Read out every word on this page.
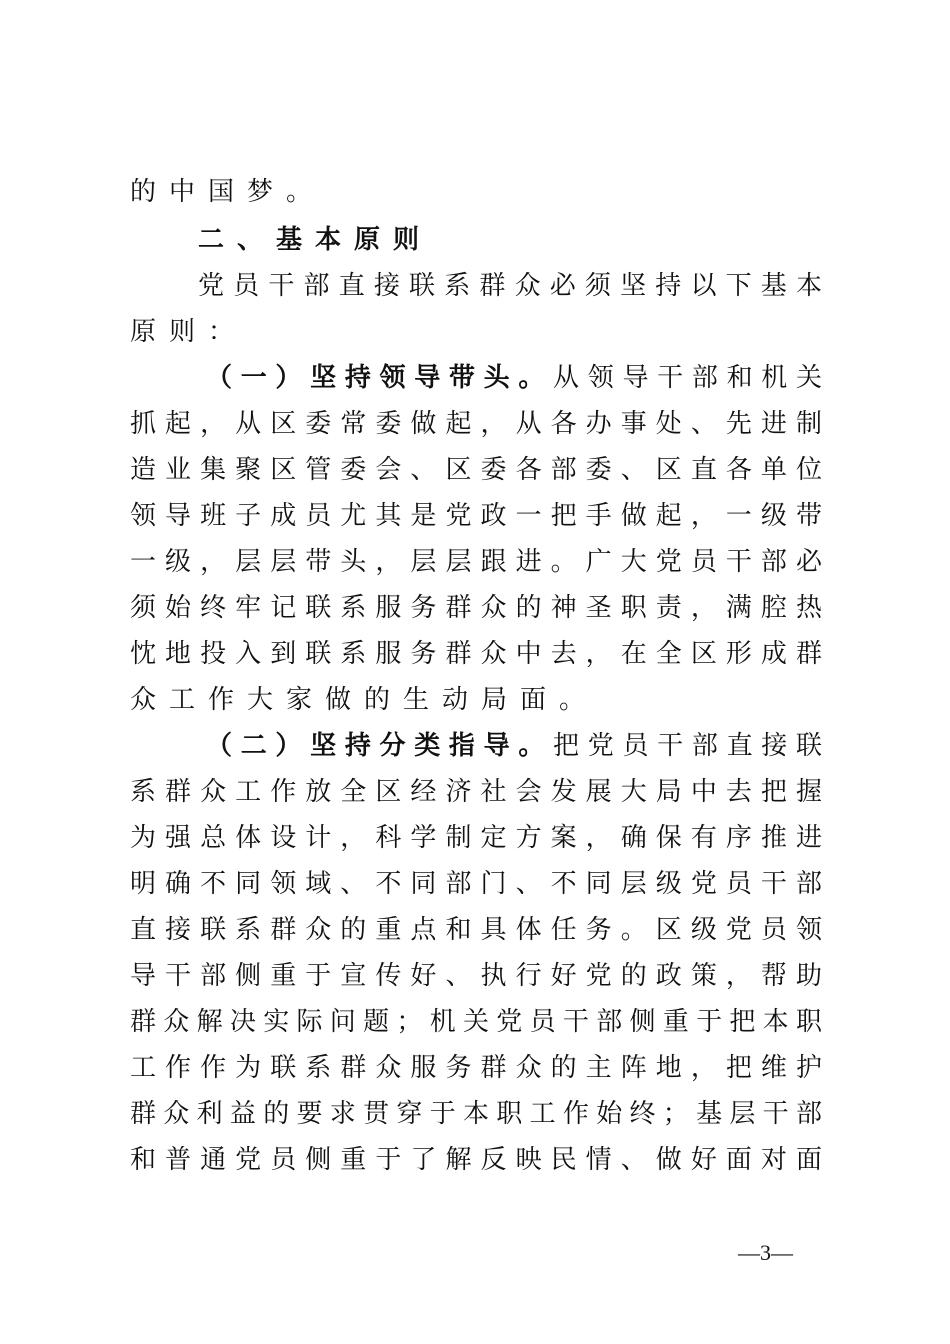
的中国梦。
二、基本原则
党员干部直接联系群众必须坚持以下基本
原则：
（一）坚持领导带头。从领导干部和机关
抓起，从区委常委做起，从各办事处、先进制
造业集聚区管委会、区委各部委、区直各单位
领导班子成员尤其是党政一把手做起，一级带
一级，层层带头，层层跟进。广大党员干部必
须始终牢记联系服务群众的神圣职责，满腔热
忱地投入到联系服务群众中去，在全区形成群
众工作大家做的生动局面。
（二）坚持分类指导。把党员干部直接联
系群众工作放全区经济社会发展大局中去把握
为强总体设计，科学制定方案，确保有序推进
明确不同领域、不同部门、不同层级党员干部
直接联系群众的重点和具体任务。区级党员领
导干部侧重于宣传好、执行好党的政策，帮助
群众解决实际问题；机关党员干部侧重于把本职
工作作为联系群众服务群众的主阵地，把维护
群众利益的要求贯穿于本职工作始终；基层干部
和普通党员侧重于了解反映民情、做好面对面
—3—
